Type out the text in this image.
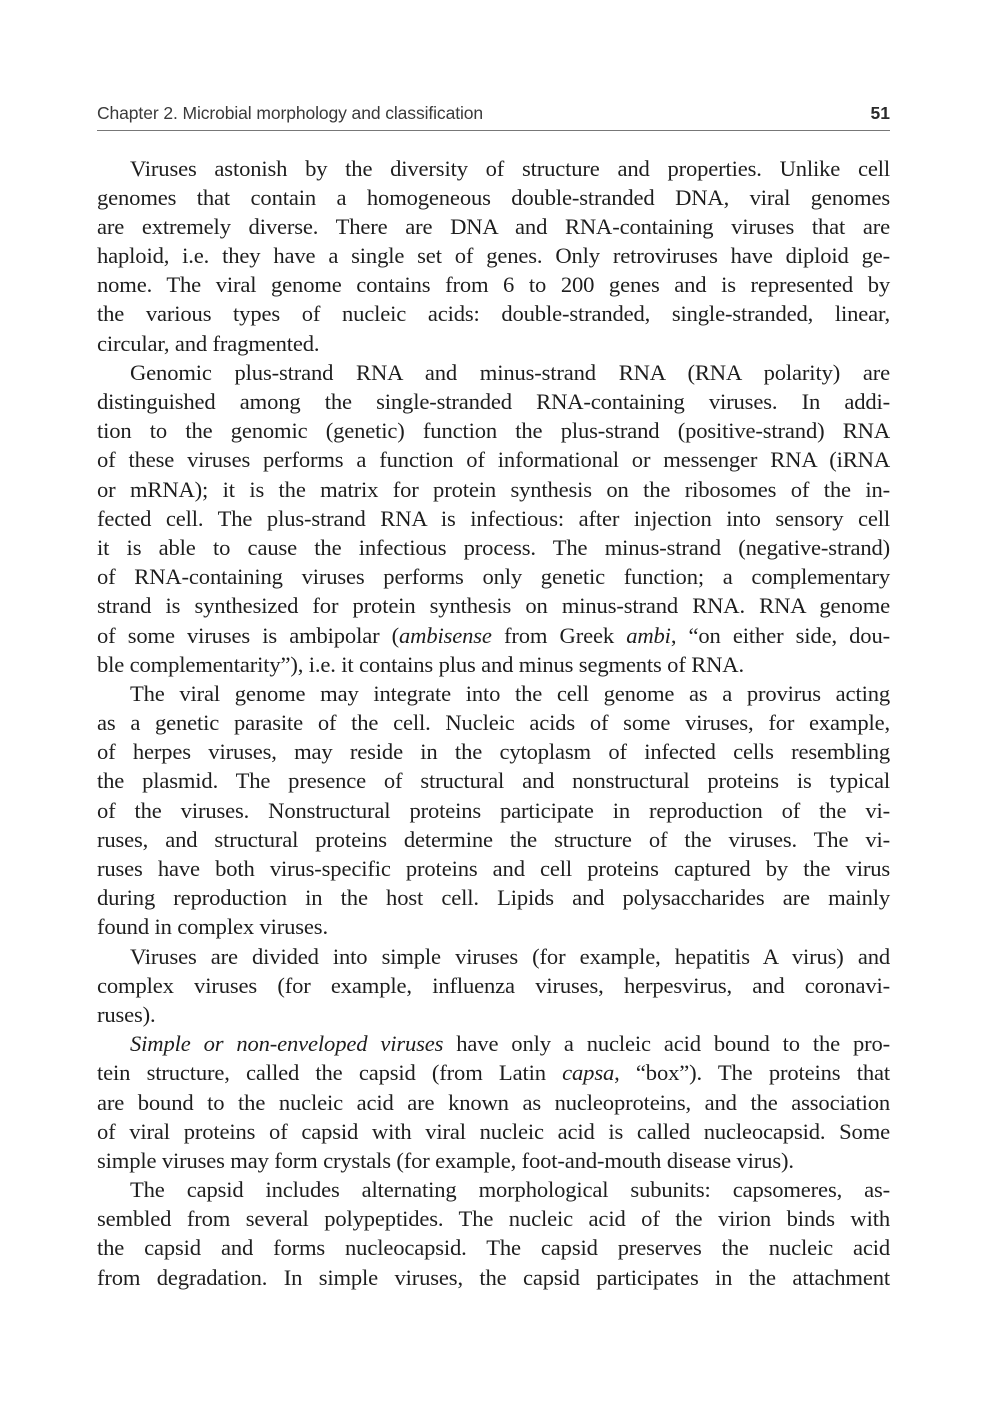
Chapter 2. Microbial morphology and classification	51
Viruses astonish by the diversity of structure and properties. Unlike cell
genomes that contain a homogeneous double-stranded DNA, viral genomes
are extremely diverse. There are DNA and RNA-containing viruses that are
haploid, i.e. they have a single set of genes. Only retroviruses have diploid ge-
nome. The viral genome contains from 6 to 200 genes and is represented by
the various types of nucleic acids: double-stranded, single-stranded, linear,
circular, and fragmented.
Genomic plus-strand RNA and minus-strand RNA (RNA polarity) are
distinguished among the single-stranded RNA-containing viruses. In addi-
tion to the genomic (genetic) function the plus-strand (positive-strand) RNA
of these viruses performs a function of informational or messenger RNA (iRNA
or mRNA); it is the matrix for protein synthesis on the ribosomes of the in-
fected cell. The plus-strand RNA is infectious: after injection into sensory cell
it is able to cause the infectious process. The minus-strand (negative-strand)
of RNA-containing viruses performs only genetic function; a complementary
strand is synthesized for protein synthesis on minus-strand RNA. RNA genome
of some viruses is ambipolar (ambisense from Greek ambi, “on either side, dou-
ble complementarity”), i.e. it contains plus and minus segments of RNA.
The viral genome may integrate into the cell genome as a provirus acting
as a genetic parasite of the cell. Nucleic acids of some viruses, for example,
of herpes viruses, may reside in the cytoplasm of infected cells resembling
the plasmid. The presence of structural and nonstructural proteins is typical
of the viruses. Nonstructural proteins participate in reproduction of the vi-
ruses, and structural proteins determine the structure of the viruses. The vi-
ruses have both virus-specific proteins and cell proteins captured by the virus
during reproduction in the host cell. Lipids and polysaccharides are mainly
found in complex viruses.
Viruses are divided into simple viruses (for example, hepatitis A virus) and
complex viruses (for example, influenza viruses, herpesvirus, and coronavi-
ruses).
Simple or non-enveloped viruses have only a nucleic acid bound to the pro-
tein structure, called the capsid (from Latin capsa, “box”). The proteins that
are bound to the nucleic acid are known as nucleoproteins, and the association
of viral proteins of capsid with viral nucleic acid is called nucleocapsid. Some
simple viruses may form crystals (for example, foot-and-mouth disease virus).
The capsid includes alternating morphological subunits: capsomeres, as-
sembled from several polypeptides. The nucleic acid of the virion binds with
the capsid and forms nucleocapsid. The capsid preserves the nucleic acid
from degradation. In simple viruses, the capsid participates in the attachment
